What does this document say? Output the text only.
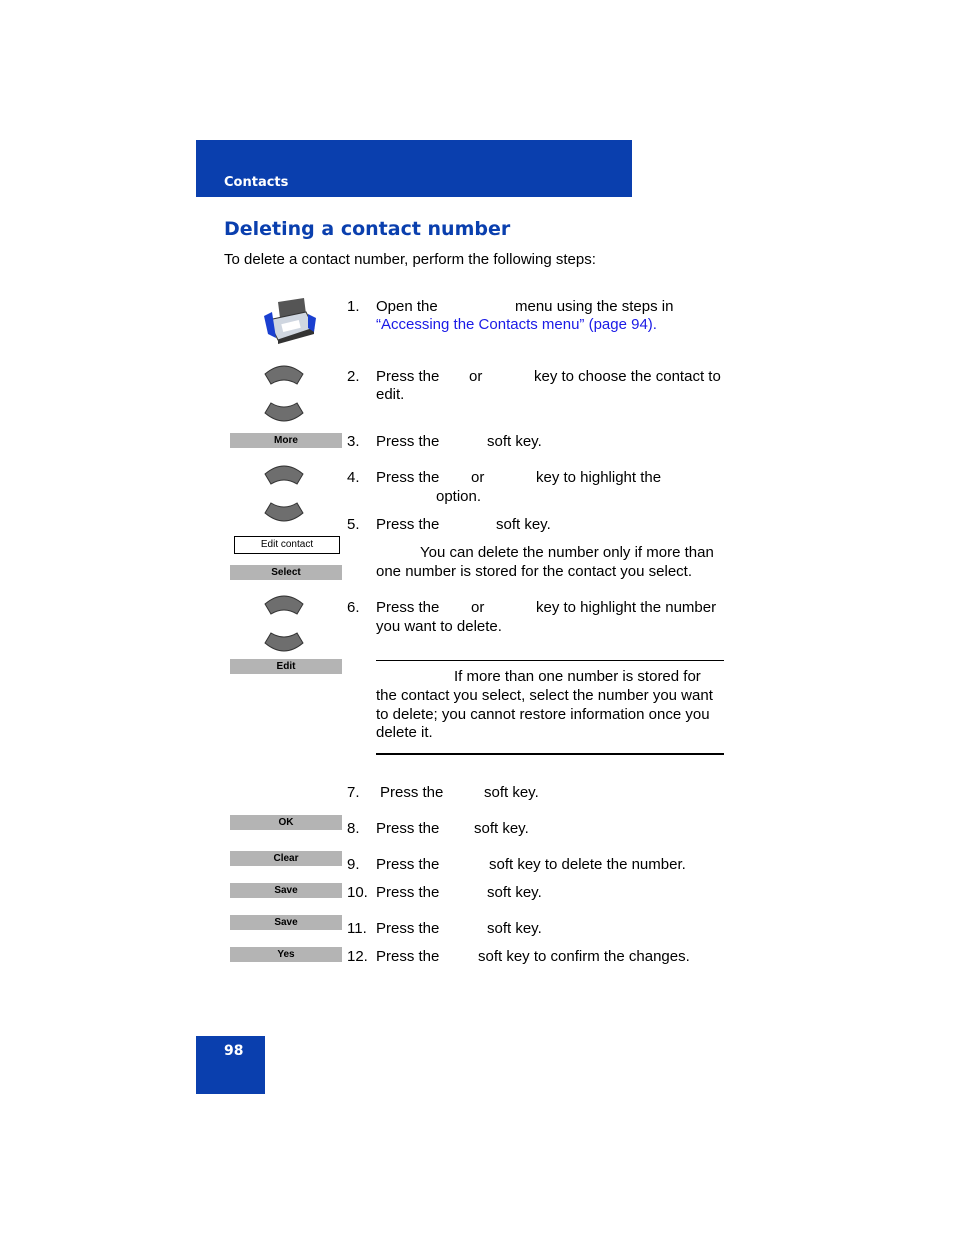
Contacts
Deleting a contact number
To delete a contact number, perform the following steps:
More
Edit contact
Select
Edit
OK
Clear
Save
Save
Yes
1. Open the	menu using the steps in
“Accessing the Contacts menu” (page 94).
2. Press the or	key to choose the contact to
edit.
3. Press the	soft key.
4. Press the or	key to highlight the
option.
5. Press the	soft key.
You can delete the number only if more than
one number is stored for the contact you select.
6. Press the or	key to highlight the number
you want to delete.
If more than one number is stored for
the contact you select, select the number you want
to delete; you cannot restore information once you
delete it.
7. Press the	soft key.
8. Press the soft key.
9. Press the	soft key to delete the number.
10. Press the	soft key.
11. Press the	soft key.
12. Press the	soft key to confirm the changes.
98
